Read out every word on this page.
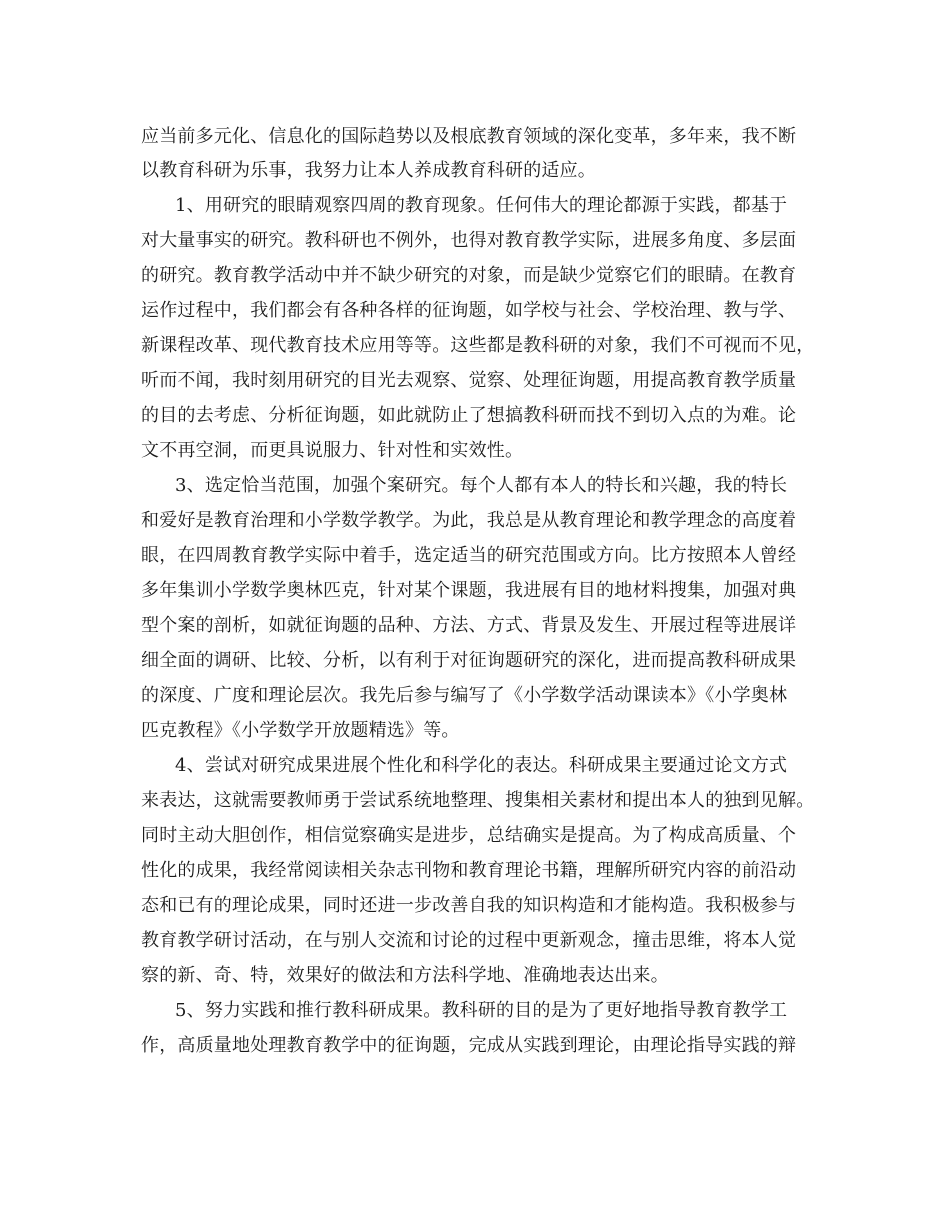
应当前多元化、信息化的国际趋势以及根底教育领域的深化变革，多年来，我不断
以教育科研为乐事，我努力让本人养成教育科研的适应。
1、用研究的眼睛观察四周的教育现象。任何伟大的理论都源于实践，都基于
对大量事实的研究。教科研也不例外，也得对教育教学实际，进展多角度、多层面
的研究。教育教学活动中并不缺少研究的对象，而是缺少觉察它们的眼睛。在教育
运作过程中，我们都会有各种各样的征询题，如学校与社会、学校治理、教与学、
新课程改革、现代教育技术应用等等。这些都是教科研的对象，我们不可视而不见，
听而不闻，我时刻用研究的目光去观察、觉察、处理征询题，用提高教育教学质量
的目的去考虑、分析征询题，如此就防止了想搞教科研而找不到切入点的为难。论
文不再空洞，而更具说服力、针对性和实效性。
3、选定恰当范围，加强个案研究。每个人都有本人的特长和兴趣，我的特长
和爱好是教育治理和小学数学教学。为此，我总是从教育理论和教学理念的高度着
眼，在四周教育教学实际中着手，选定适当的研究范围或方向。比方按照本人曾经
多年集训小学数学奥林匹克，针对某个课题，我进展有目的地材料搜集，加强对典
型个案的剖析，如就征询题的品种、方法、方式、背景及发生、开展过程等进展详
细全面的调研、比较、分析，以有利于对征询题研究的深化，进而提高教科研成果
的深度、广度和理论层次。我先后参与编写了《小学数学活动课读本》《小学奥林
匹克教程》《小学数学开放题精选》等。
4、尝试对研究成果进展个性化和科学化的表达。科研成果主要通过论文方式
来表达，这就需要教师勇于尝试系统地整理、搜集相关素材和提出本人的独到见解。
同时主动大胆创作，相信觉察确实是进步，总结确实是提高。为了构成高质量、个
性化的成果，我经常阅读相关杂志刊物和教育理论书籍，理解所研究内容的前沿动
态和已有的理论成果，同时还进一步改善自我的知识构造和才能构造。我积极参与
教育教学研讨活动，在与别人交流和讨论的过程中更新观念，撞击思维，将本人觉
察的新、奇、特，效果好的做法和方法科学地、准确地表达出来。
5、努力实践和推行教科研成果。教科研的目的是为了更好地指导教育教学工
作，高质量地处理教育教学中的征询题，完成从实践到理论，由理论指导实践的辩
